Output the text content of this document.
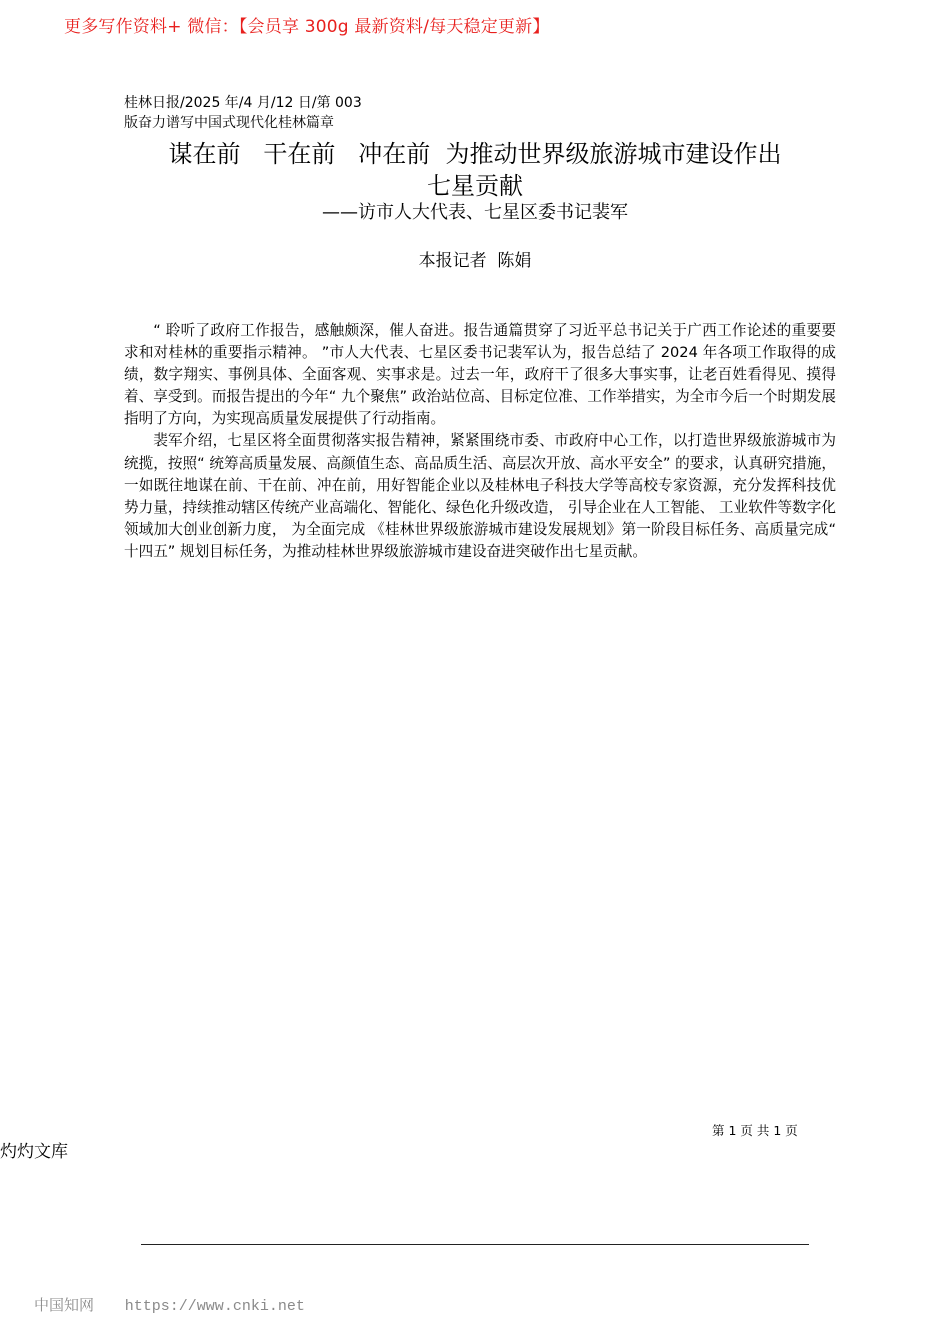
更多写作资料+ 微信：【会员享 300g 最新资料/每天稳定更新】
桂林日报/2025 年/4 月/12 日/第 003
版奋力谱写中国式现代化桂林篇章
谋在前   干在前   冲在前  为推动世界级旅游城市建设作出
七星贡献
——访市人大代表、七星区委书记裴军
本报记者  陈娟

“ 聆听了政府工作报告，感触颇深，催人奋进。报告通篇贯穿了习近平总书记关于广西工作论述的重要要求和对桂林的重要指示精神。 ”市人大代表、七星区委书记裴军认为，报告总结了 2024 年各项工作取得的成绩，数字翔实、事例具体、全面客观、实事求是。过去一年，政府干了很多大事实事，让老百姓看得见、摸得着、享受到。而报告提出的今年“ 九个聚焦” 政治站位高、目标定位准、工作举措实，为全市今后一个时期发展指明了方向，为实现高质量发展提供了行动指南。

裴军介绍，七星区将全面贯彻落实报告精神，紧紧围绕市委、市政府中心工作，以打造世界级旅游城市为统揽，按照“ 统筹高质量发展、高颜值生态、高品质生活、高层次开放、高水平安全” 的要求，认真研究措施，一如既往地谋在前、干在前、冲在前，用好智能企业以及桂林电子科技大学等高校专家资源，充分发挥科技优势力量，持续推动辖区传统产业高端化、智能化、绿色化升级改造， 引导企业在人工智能、 工业软件等数字化领域加大创业创新力度， 为全面完成 《桂林世界级旅游城市建设发展规划》第一阶段目标任务、高质量完成“ 十四五” 规划目标任务，为推动桂林世界级旅游城市建设奋进突破作出七星贡献。

第 1 页 共 1 页
灼灼文库
中国知网 https://www.cnki.net
